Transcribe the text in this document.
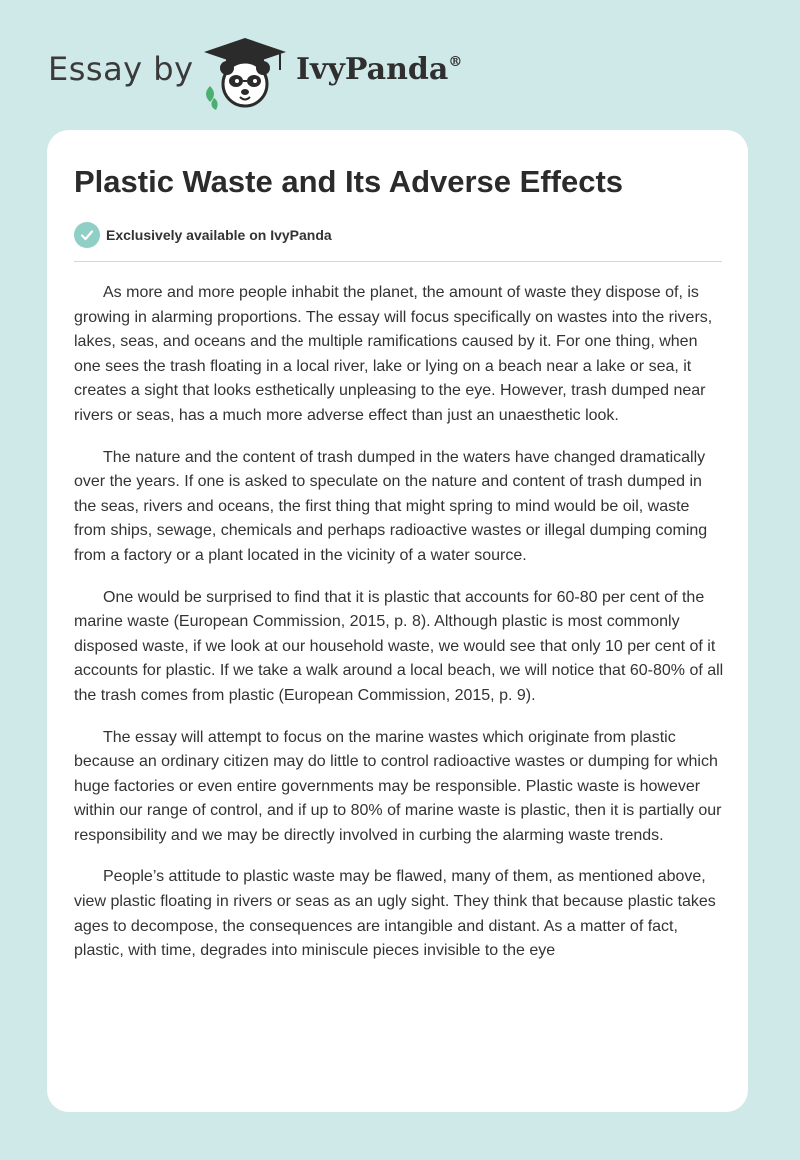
Essay by	IvyPanda®
Plastic Waste and Its Adverse Effects
Exclusively available on IvyPanda

As more and more people inhabit the planet, the amount of waste they dispose of, is growing in alarming proportions. The essay will focus specifically on wastes into the rivers, lakes, seas, and oceans and the multiple ramifications caused by it. For one thing, when one sees the trash floating in a local river, lake or lying on a beach near a lake or sea, it creates a sight that looks esthetically unpleasing to the eye. However, trash dumped near rivers or seas, has a much more adverse effect than just an unaesthetic look.

The nature and the content of trash dumped in the waters have changed dramatically over the years. If one is asked to speculate on the nature and content of trash dumped in the seas, rivers and oceans, the first thing that might spring to mind would be oil, waste from ships, sewage, chemicals and perhaps radioactive wastes or illegal dumping coming from a factory or a plant located in the vicinity of a water source.

One would be surprised to find that it is plastic that accounts for 60-80 per cent of the marine waste (European Commission, 2015, p. 8). Although plastic is most commonly disposed waste, if we look at our household waste, we would see that only 10 per cent of it accounts for plastic. If we take a walk around a local beach, we will notice that 60-80% of all the trash comes from plastic (European Commission, 2015, p. 9).

The essay will attempt to focus on the marine wastes which originate from plastic because an ordinary citizen may do little to control radioactive wastes or dumping for which huge factories or even entire governments may be responsible. Plastic waste is however within our range of control, and if up to 80% of marine waste is plastic, then it is partially our responsibility and we may be directly involved in curbing the alarming waste trends.

People’s attitude to plastic waste may be flawed, many of them, as mentioned above, view plastic floating in rivers or seas as an ugly sight. They think that because plastic takes ages to decompose, the consequences are intangible and distant. As a matter of fact, plastic, with time, degrades into miniscule pieces invisible to the eye
